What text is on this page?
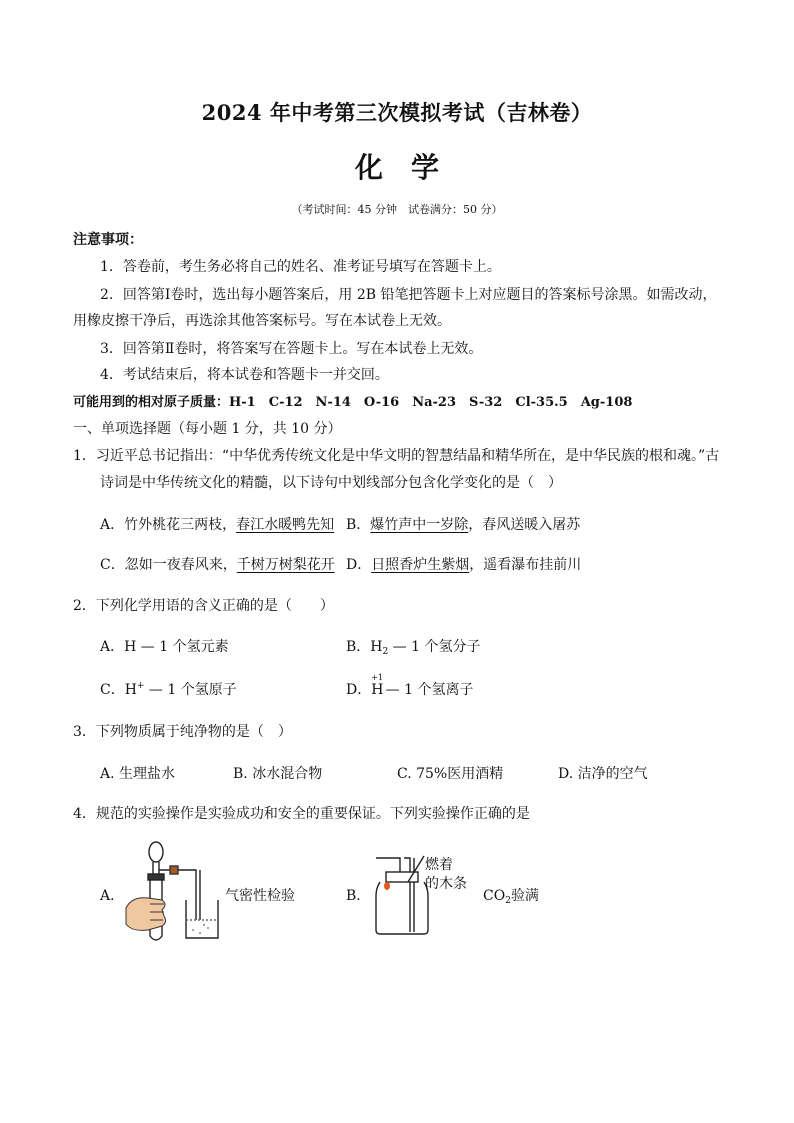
2024 年中考第三次模拟考试（吉林卷）
化学
（考试时间：45 分钟　试卷满分：50 分）
注意事项：
1．答卷前，考生务必将自己的姓名、准考证号填写在答题卡上。
2．回答第Ⅰ卷时，选出每小题答案后，用 2B 铅笔把答题卡上对应题目的答案标号涂黑。如需改动，
用橡皮擦干净后，再选涂其他答案标号。写在本试卷上无效。
3．回答第Ⅱ卷时，将答案写在答题卡上。写在本试卷上无效。
4．考试结束后，将本试卷和答题卡一并交回。
可能用到的相对原子质量：H-1　C-12　N-14　O-16　Na-23　S-32　Cl-35.5　Ag-108
一、单项选择题（每小题 1 分，共 10 分）
1．习近平总书记指出：“中华优秀传统文化是中华文明的智慧结晶和精华所在，是中华民族的根和魂。”古
诗词是中华传统文化的精髓，以下诗句中划线部分包含化学变化的是（　）
A．竹外桃花三两枝，春江水暖鸭先知 B．爆竹声中一岁除，春风送暖入屠苏
C．忽如一夜春风来，千树万树梨花开 D．日照香炉生紫烟，遥看瀑布挂前川
2．下列化学用语的含义正确的是（　　）
A．H — 1 个氢元素	B．$H_2$ — 1 个氢分子
C．H+ — 1 个氢原子	D．
+1
H — 1 个氢离子
3．下列物质属于纯净物的是（　）
A. 生理盐水	B. 冰水混合物	C. 75%医用酒精	D. 洁净的空气
4．规范的实验操作是实验成功和安全的重要保证。下列实验操作正确的是
A．	气密性检验	B．
燃着
的木条
$CO_2$验满
